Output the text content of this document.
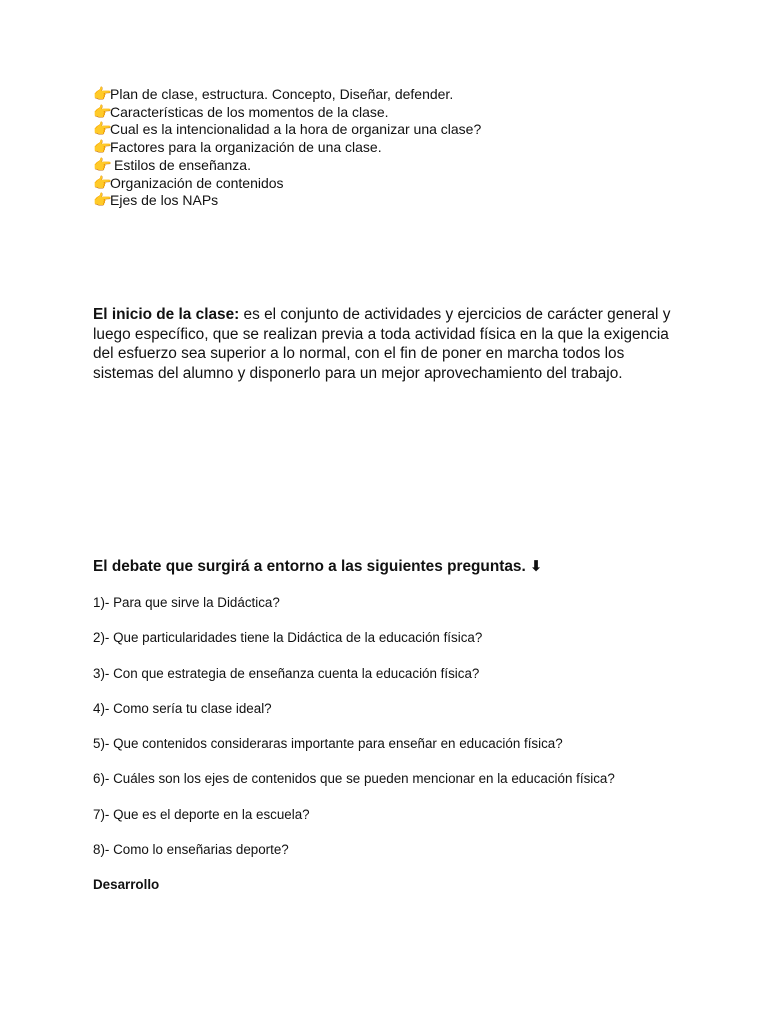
👉Plan de clase, estructura. Concepto, Diseñar, defender.
👉Características de los momentos de la clase.
👉Cual es la intencionalidad a la hora de organizar una clase?
👉Factores para la organización de una clase.
👉 Estilos de enseñanza.
👉Organización de contenidos
👉Ejes de los NAPs

El inicio de la clase: es el conjunto de actividades y ejercicios de carácter general y luego específico, que se realizan previa a toda actividad física en la que la exigencia del esfuerzo sea superior a lo normal, con el fin de poner en marcha todos los sistemas del alumno y disponerlo para un mejor aprovechamiento del trabajo.

El debate que surgirá a entorno a las siguientes preguntas. ⬇

1)- Para que sirve la Didáctica?
2)- Que particularidades tiene la Didáctica de la educación física?
3)- Con que estrategia de enseñanza cuenta la educación física?
4)- Como sería tu clase ideal?
5)- Que contenidos consideraras importante para enseñar en educación física?
6)- Cuáles son los ejes de contenidos que se pueden mencionar en la educación física?
7)- Que es el deporte en la escuela?
8)- Como lo enseñarias deporte?

Desarrollo
